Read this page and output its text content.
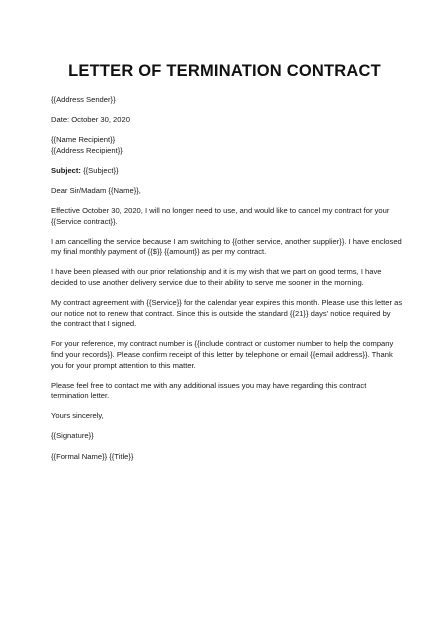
LETTER OF TERMINATION CONTRACT

{{Address Sender}}

Date: October 30, 2020

{{Name Recipient}}
{{Address Recipient}}

Subject: {{Subject}}

Dear Sir/Madam {{Name}},

Effective October 30, 2020, I will no longer need to use, and would like to cancel my contract for your
{{Service contract}}.

I am cancelling the service because I am switching to {{other service, another supplier}}. I have enclosed
my final monthly payment of {{$}} {{amount}} as per my contract.

I have been pleased with our prior relationship and it is my wish that we part on good terms, I have
decided to use another delivery service due to their ability to serve me sooner in the morning.

My contract agreement with {{Service}} for the calendar year expires this month. Please use this letter as
our notice not to renew that contract. Since this is outside the standard {{21}} days' notice required by
the contract that I signed.

For your reference, my contract number is {{include contract or customer number to help the company
find your records}}. Please confirm receipt of this letter by telephone or email {{email address}}. Thank
you for your prompt attention to this matter.

Please feel free to contact me with any additional issues you may have regarding this contract
termination letter.

Yours sincerely,

{{Signature}}

{{Formal Name}} {{Title}}
